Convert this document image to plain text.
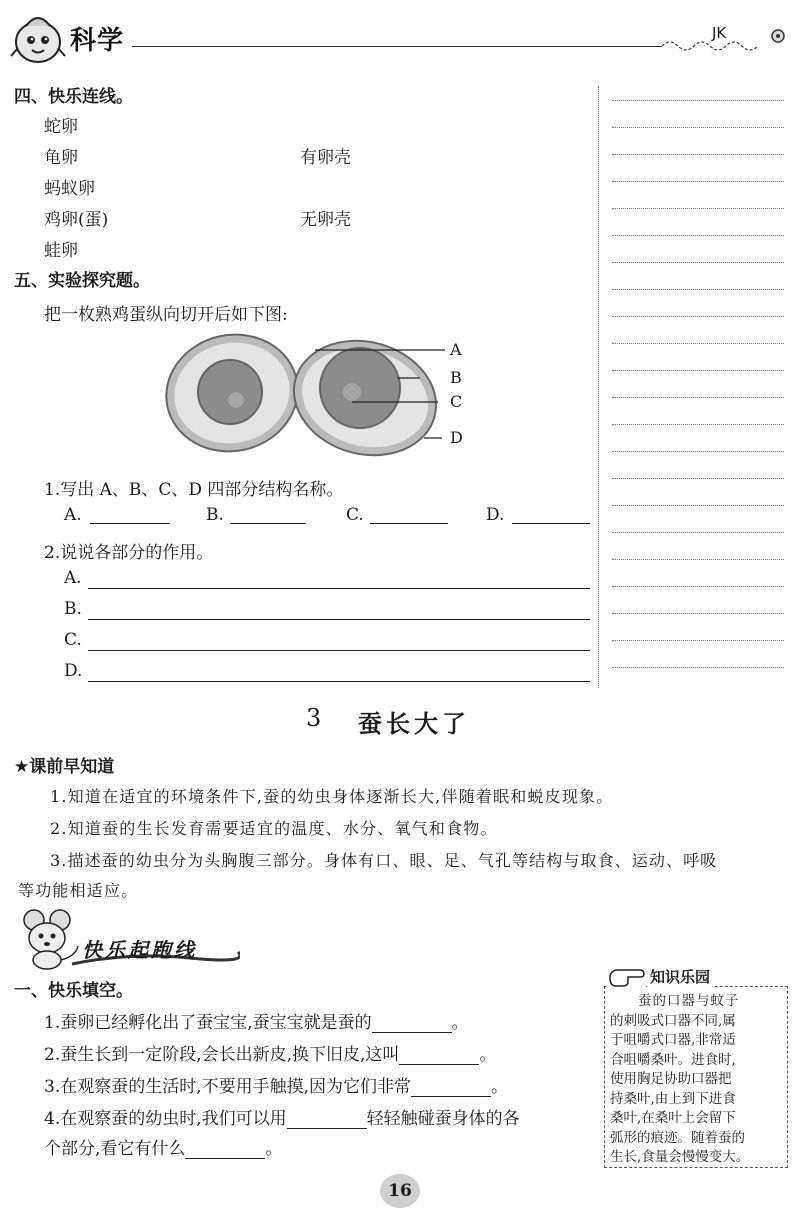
科学	JK
四、快乐连线。
蛇卵
龟卵
蚂蚁卵
鸡卵(蛋)
蛙卵
有卵壳
无卵壳
五、实验探究题。
把一枚熟鸡蛋纵向切开后如下图:
A
B
C
D
1.写出 A、B、C、D 四部分结构名称。
A.	B.	C.	D.
2.说说各部分的作用。
A.
B.
C.
D.
3 蚕长大了
★课前早知道
1.知道在适宜的环境条件下,蚕的幼虫身体逐渐长大,伴随着眠和蜕皮现象。
2.知道蚕的生长发育需要适宜的温度、水分、氧气和食物。
3.描述蚕的幼虫分为头胸腹三部分。身体有口、眼、足、气孔等结构与取食、运动、呼吸
等功能相适应。
快乐起跑线
一、快乐填空。
1.蚕卵已经孵化出了蚕宝宝,蚕宝宝就是蚕的	。
2.蚕生长到一定阶段,会长出新皮,换下旧皮,这叫	。
3.在观察蚕的生活时,不要用手触摸,因为它们非常	。
4.在观察蚕的幼虫时,我们可以用	轻轻触碰蚕身体的各
个部分,看它有什么	。
知识乐园
蚕的口器与蚊子
的刺吸式口器不同,属
于咀嚼式口器,非常适
合咀嚼桑叶。进食时,
使用胸足协助口器把
持桑叶,由上到下进食
桑叶,在桑叶上会留下
弧形的痕迹。随着蚕的
生长,食量会慢慢变大。
16
